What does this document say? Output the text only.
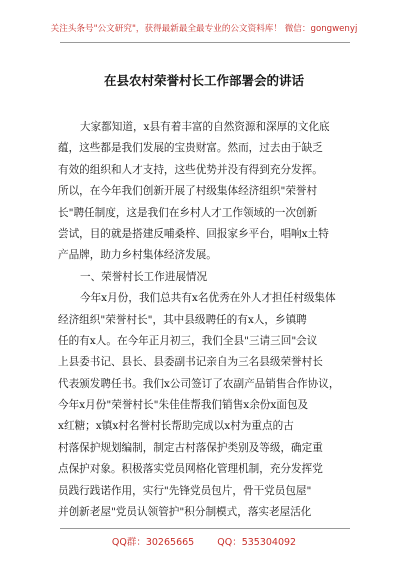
关注头条号"公文研究"，获得最新最全最专业的公文资料库！ 微信：gongwenyj
在县农村荣誉村长工作部署会的讲话
大家都知道，x县有着丰富的自然资源和深厚的文化底
蕴，这些都是我们发展的宝贵财富。然而，过去由于缺乏
有效的组织和人才支持，这些优势并没有得到充分发挥。
所以，在今年我们创新开展了村级集体经济组织"荣誉村
长"聘任制度，这是我们在乡村人才工作领域的一次创新
尝试，目的就是搭建反哺桑梓、回报家乡平台，唱响x土特
产品牌，助力乡村集体经济发展。
一、荣誉村长工作进展情况
今年x月份，我们总共有x名优秀在外人才担任村级集体
经济组织"荣誉村长"，其中县级聘任的有x人，乡镇聘
任的有x人。在今年正月初三，我们全县"三请三回"会议
上县委书记、县长、县委副书记亲自为三名县级荣誉村长
代表颁发聘任书。我们x公司签订了农副产品销售合作协议，
今年x月份"荣誉村长"朱佳佳帮我们销售x余份x面包及
x红糖；x镇x村名誉村长帮助完成以x村为重点的古
村落保护规划编制，制定古村落保护类别及等级，确定重
点保护对象。积极落实党员网格化管理机制，充分发挥党
员践行践诺作用，实行"先锋党员包片，骨干党员包屋"
并创新老屋"党员认领管护"积分制模式，落实老屋活化
QQ群：30265665 QQ：535304092
